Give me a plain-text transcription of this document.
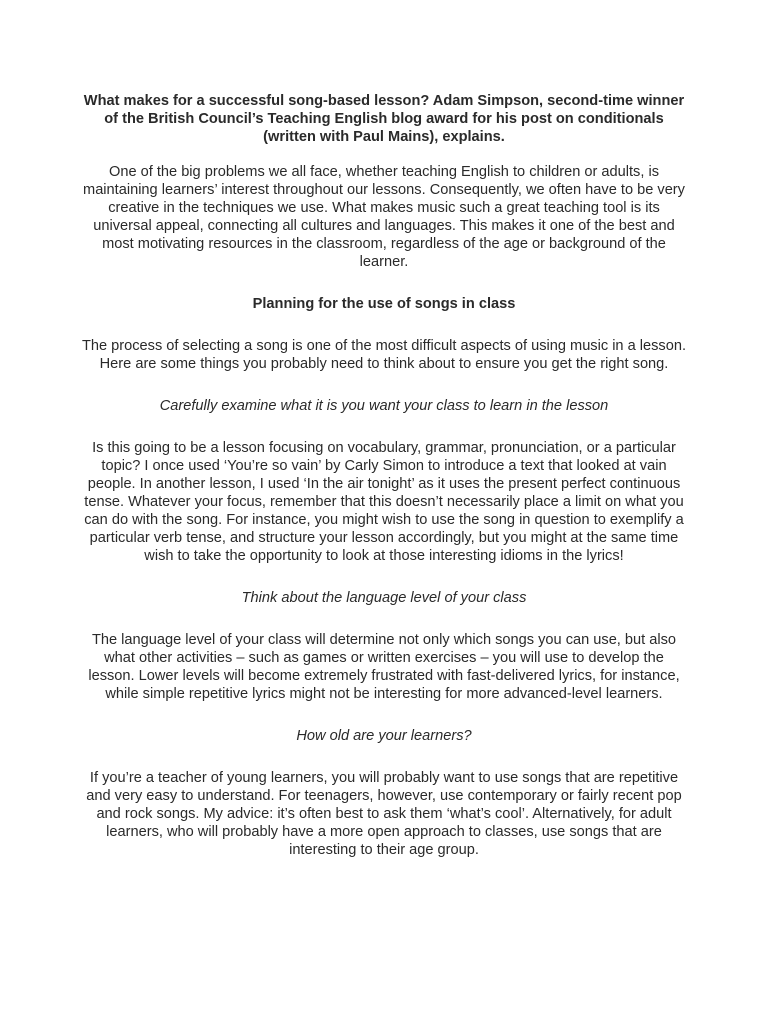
What makes for a successful song-based lesson? Adam Simpson, second-time winner of the British Council’s Teaching English blog award for his post on conditionals (written with Paul Mains), explains.

One of the big problems we all face, whether teaching English to children or adults, is maintaining learners’ interest throughout our lessons. Consequently, we often have to be very creative in the techniques we use. What makes music such a great teaching tool is its universal appeal, connecting all cultures and languages. This makes it one of the best and most motivating resources in the classroom, regardless of the age or background of the learner.

Planning for the use of songs in class

The process of selecting a song is one of the most difficult aspects of using music in a lesson. Here are some things you probably need to think about to ensure you get the right song.

Carefully examine what it is you want your class to learn in the lesson

Is this going to be a lesson focusing on vocabulary, grammar, pronunciation, or a particular topic? I once used ‘You’re so vain’ by Carly Simon to introduce a text that looked at vain people. In another lesson, I used ‘In the air tonight’ as it uses the present perfect continuous tense. Whatever your focus, remember that this doesn’t necessarily place a limit on what you can do with the song. For instance, you might wish to use the song in question to exemplify a particular verb tense, and structure your lesson accordingly, but you might at the same time wish to take the opportunity to look at those interesting idioms in the lyrics!

Think about the language level of your class

The language level of your class will determine not only which songs you can use, but also what other activities – such as games or written exercises – you will use to develop the lesson. Lower levels will become extremely frustrated with fast-delivered lyrics, for instance, while simple repetitive lyrics might not be interesting for more advanced-level learners.

How old are your learners?

If you’re a teacher of young learners, you will probably want to use songs that are repetitive and very easy to understand. For teenagers, however, use contemporary or fairly recent pop and rock songs. My advice: it’s often best to ask them ‘what’s cool’. Alternatively, for adult learners, who will probably have a more open approach to classes, use songs that are interesting to their age group.
